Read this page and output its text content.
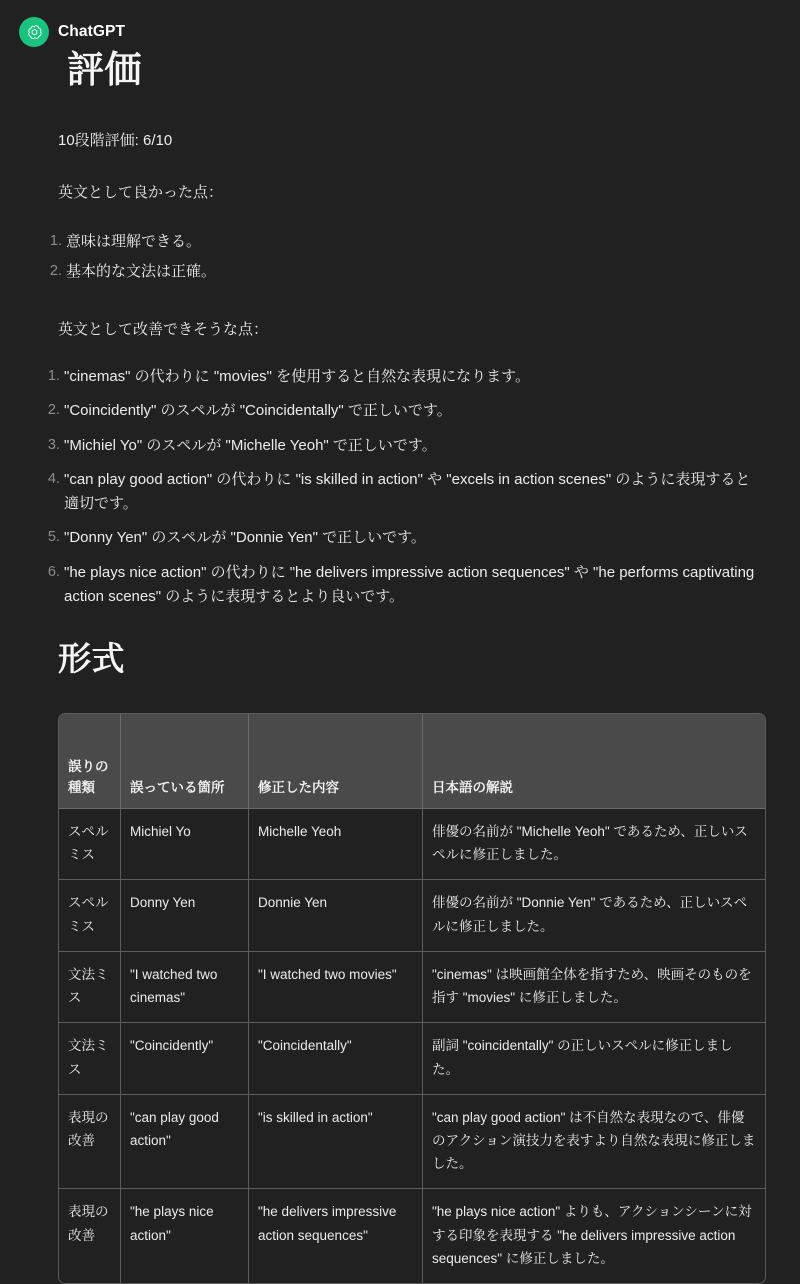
ChatGPT
評価

10段階評価: 6/10

英文として良かった点：

意味は理解できる。
基本的な文法は正確。

英文として改善できそうな点：

"cinemas" の代わりに "movies" を使用すると自然な表現になります。
"Coincidently" のスペルが "Coincidentally" で正しいです。
"Michiel Yo" のスペルが "Michelle Yeoh" で正しいです。
"can play good action" の代わりに "is skilled in action" や "excels in action scenes" のように表現すると適切です。
"Donny Yen" のスペルが "Donnie Yen" で正しいです。
"he plays nice action" の代わりに "he delivers impressive action sequences" や "he performs captivating action scenes" のように表現するとより良いです。
形式
誤りの種類	誤っている箇所	修正した内容	日本語の解説
スペルミス	Michiel Yo	Michelle Yeoh	俳優の名前が "Michelle Yeoh" であるため、正しいスペルに修正しました。
スペルミス	Donny Yen	Donnie Yen	俳優の名前が "Donnie Yen" であるため、正しいスペルに修正しました。
文法ミス	"I watched two cinemas"	"I watched two movies"	"cinemas" は映画館全体を指すため、映画そのものを指す "movies" に修正しました。
文法ミス	"Coincidently"	"Coincidentally"	副詞 "coincidentally" の正しいスペルに修正しました。
表現の改善	"can play good action"	"is skilled in action"	"can play good action" は不自然な表現なので、俳優のアクション演技力を表すより自然な表現に修正しました。
表現の改善	"he plays nice action"	"he delivers impressive action sequences"	"he plays nice action" よりも、アクションシーンに対する印象を表現する "he delivers impressive action sequences" に修正しました。
